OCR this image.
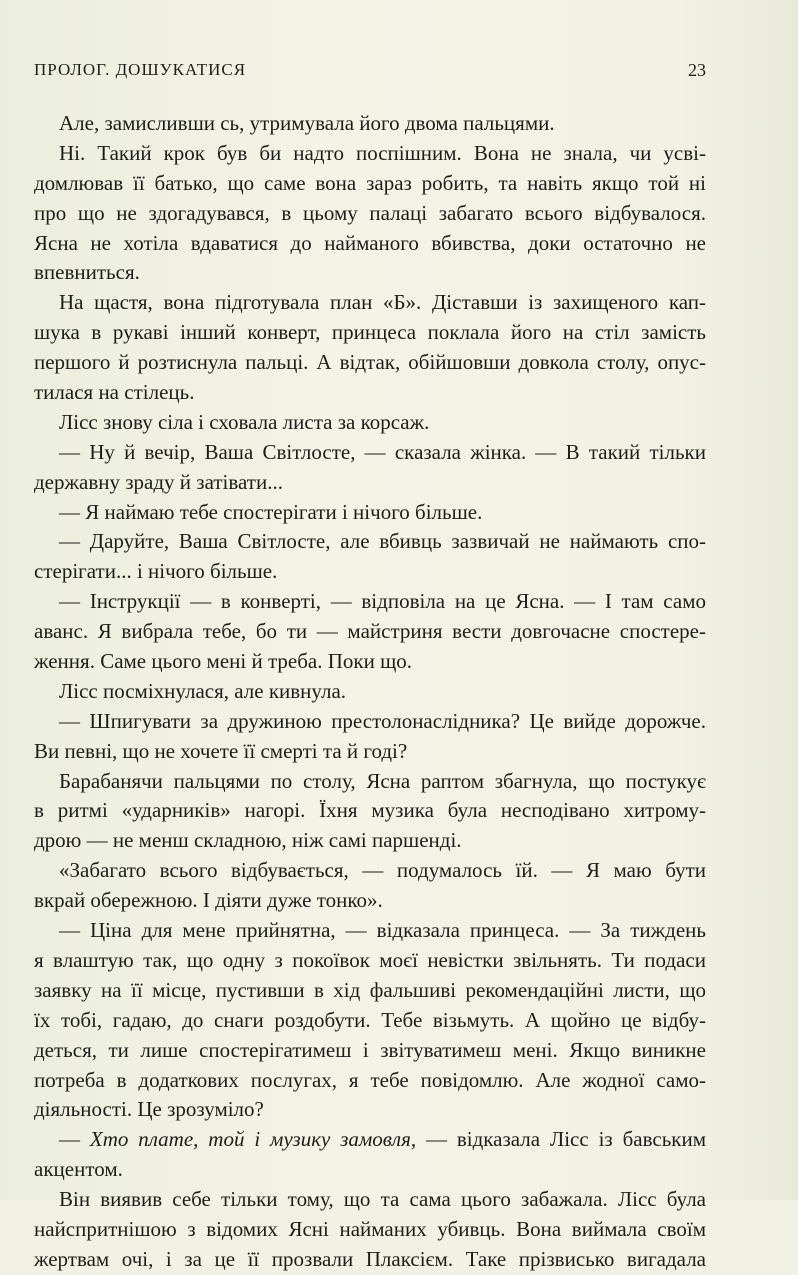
ПРОЛОГ. ДОШУКАТИСЯ	23
Але, замисливши сь, утримувала його двома пальцями.
Ні. Такий крок був би надто поспішним. Вона не знала, чи усві-
домлював її батько, що саме вона зараз робить, та навіть якщо той ні
про що не здогадувався, в цьому палаці забагато всього відбувалося.
Ясна не хотіла вдаватися до найманого вбивства, доки остаточно не
впевниться.
На щастя, вона підготувала план «Б». Діставши із захищеного кап-
шука в рукаві інший конверт, принцеса поклала його на стіл замість
першого й розтиснула пальці. А відтак, обійшовши довкола столу, опус-
тилася на стілець.
Лісс знову сіла і сховала листа за корсаж.
— Ну й вечір, Ваша Світлосте, — сказала жінка. — В такий тільки
державну зраду й затівати...
— Я наймаю тебе спостерігати і нічого більше.
— Даруйте, Ваша Світлосте, але вбивць зазвичай не наймають спо-
стерігати... і нічого більше.
— Інструкції — в конверті, — відповіла на це Ясна. — І там само
аванс. Я вибрала тебе, бо ти — майстриня вести довгочасне спостере-
ження. Саме цього мені й треба. Поки що.
Лісс посміхнулася, але кивнула.
— Шпигувати за дружиною престолонаслідника? Це вийде дорожче.
Ви певні, що не хочете її смерті та й годі?
Барабанячи пальцями по столу, Ясна раптом збагнула, що постукує
в ритмі «ударників» нагорі. Їхня музика була несподівано хитрому-
дрою — не менш складною, ніж самі паршенді.
«Забагато всього відбувається, — подумалось їй. — Я маю бути
вкрай обережною. І діяти дуже тонко».
— Ціна для мене прийнятна, — відказала принцеса. — За тиждень
я влаштую так, що одну з покоївок моєї невістки звільнять. Ти подаси
заявку на її місце, пустивши в хід фальшиві рекомендаційні листи, що
їх тобі, гадаю, до снаги роздобути. Тебе візьмуть. А щойно це відбу-
деться, ти лише спостерігатимеш і звітуватимеш мені. Якщо виникне
потреба в додаткових послугах, я тебе повідомлю. Але жодної само-
діяльності. Це зрозуміло?
— Хто плате, той і музику замовля, — відказала Лісс із бавським
акцентом.
Він виявив себе тільки тому, що та сама цього забажала. Лісс була
найспритнішою з відомих Ясні найманих убивць. Вона виймала своїм
жертвам очі, і за це її прозвали Плаксієм. Таке прізвисько вигадала
